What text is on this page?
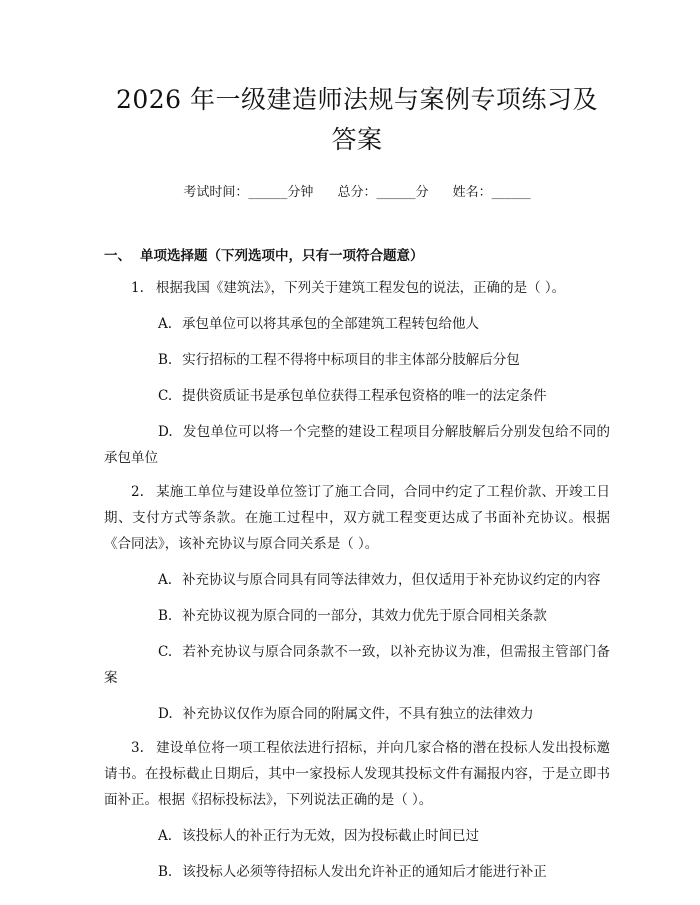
2026 年一级建造师法规与案例专项练习及答案
考试时间：______分钟 总分：______分 姓名：______
一、 单项选择题（下列选项中，只有一项符合题意）
1. 根据我国《建筑法》，下列关于建筑工程发包的说法，正确的是（ ）。
A. 承包单位可以将其承包的全部建筑工程转包给他人
B. 实行招标的工程不得将中标项目的非主体部分肢解后分包
C. 提供资质证书是承包单位获得工程承包资格的唯一的法定条件
D. 发包单位可以将一个完整的建设工程项目分解肢解后分别发包给不同的承包单位
2. 某施工单位与建设单位签订了施工合同，合同中约定了工程价款、开竣工日期、支付方式等条款。在施工过程中，双方就工程变更达成了书面补充协议。根据《合同法》，该补充协议与原合同关系是（ ）。
A. 补充协议与原合同具有同等法律效力，但仅适用于补充协议约定的内容
B. 补充协议视为原合同的一部分，其效力优先于原合同相关条款
C. 若补充协议与原合同条款不一致，以补充协议为准，但需报主管部门备案
D. 补充协议仅作为原合同的附属文件，不具有独立的法律效力
3. 建设单位将一项工程依法进行招标，并向几家合格的潜在投标人发出投标邀请书。在投标截止日期后，其中一家投标人发现其投标文件有漏报内容，于是立即书面补正。根据《招标投标法》，下列说法正确的是（ ）。
A. 该投标人的补正行为无效，因为投标截止时间已过
B. 该投标人必须等待招标人发出允许补正的通知后才能进行补正
